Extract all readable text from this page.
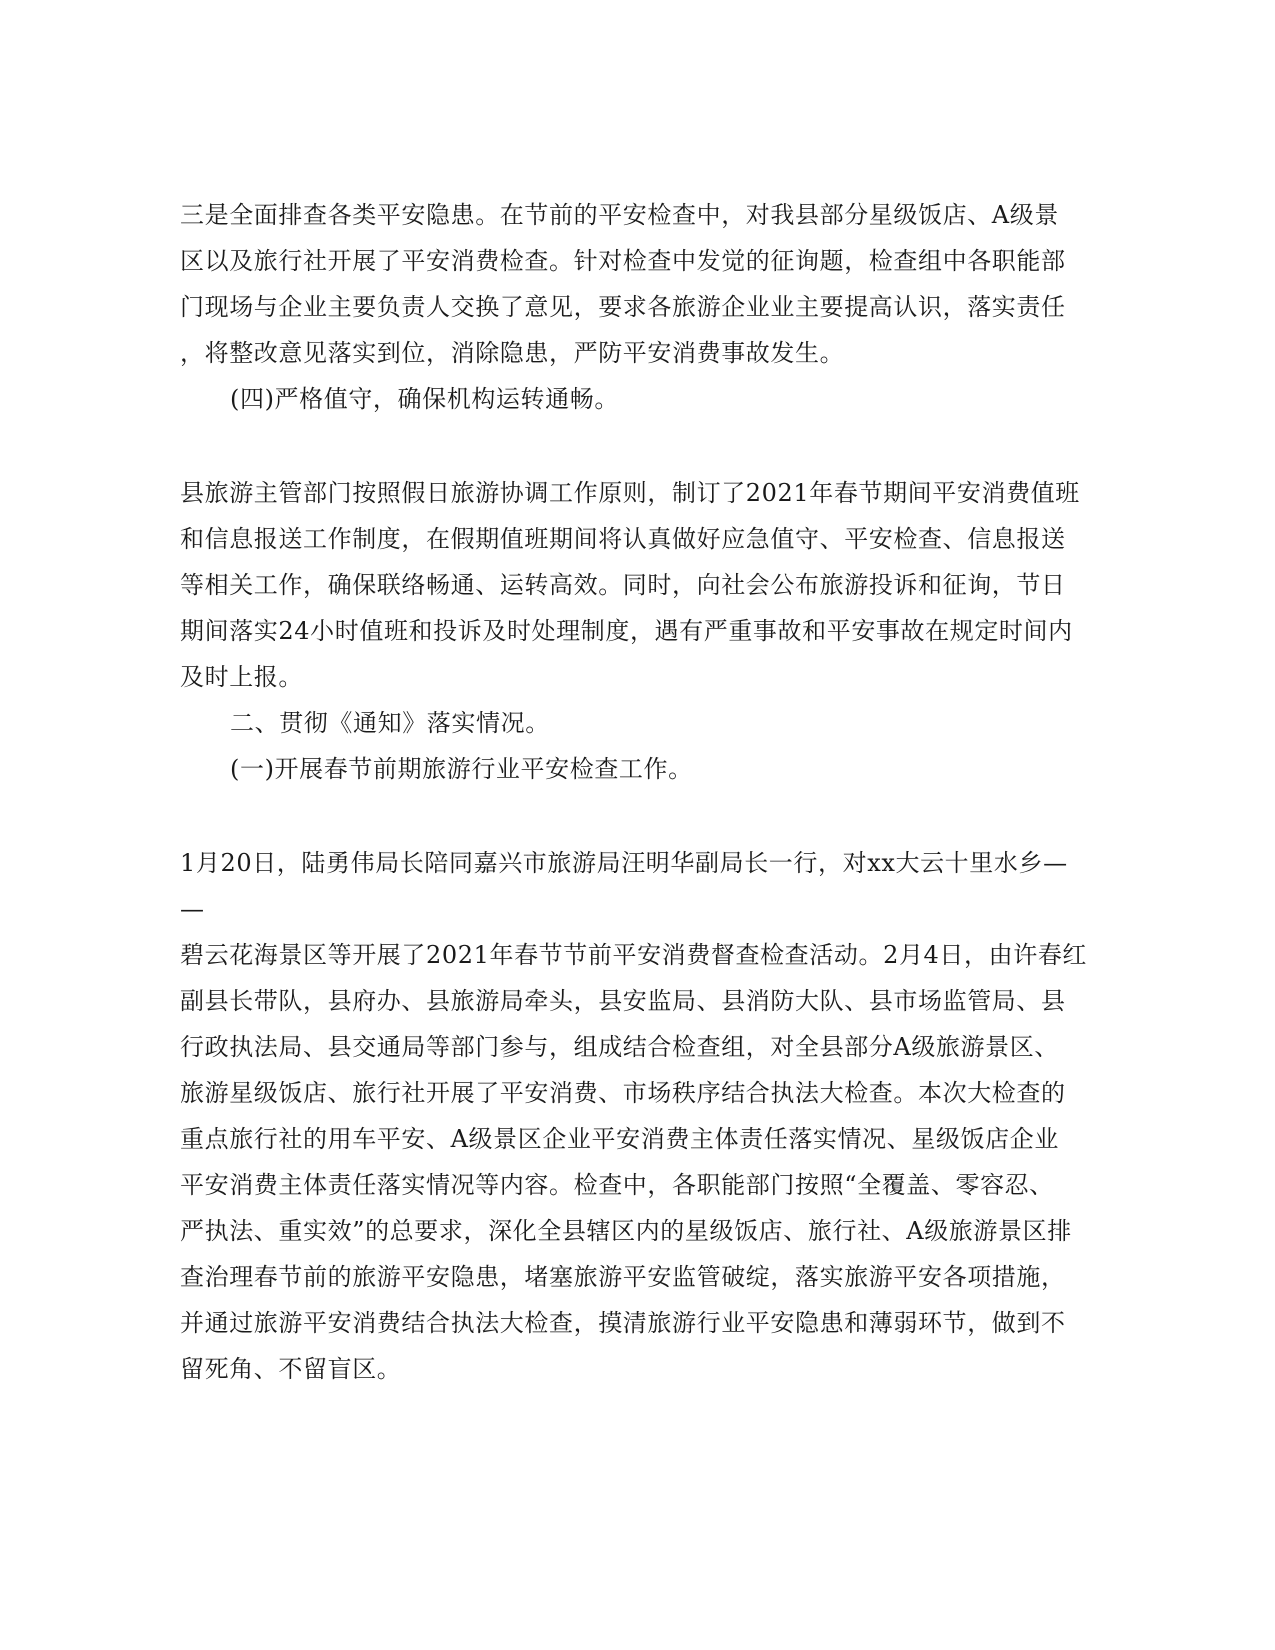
三是全面排查各类平安隐患。在节前的平安检查中，对我县部分星级饭店、A级景
区以及旅行社开展了平安消费检查。针对检查中发觉的征询题，检查组中各职能部
门现场与企业主要负责人交换了意见，要求各旅游企业业主要提高认识，落实责任
，将整改意见落实到位，消除隐患，严防平安消费事故发生。
(四)严格值守，确保机构运转通畅。
县旅游主管部门按照假日旅游协调工作原则，制订了2021年春节期间平安消费值班
和信息报送工作制度，在假期值班期间将认真做好应急值守、平安检查、信息报送
等相关工作，确保联络畅通、运转高效。同时，向社会公布旅游投诉和征询，节日
期间落实24小时值班和投诉及时处理制度，遇有严重事故和平安事故在规定时间内
及时上报。
二、贯彻《通知》落实情况。
(一)开展春节前期旅游行业平安检查工作。
1月20日，陆勇伟局长陪同嘉兴市旅游局汪明华副局长一行，对xx大云十里水乡—
—
碧云花海景区等开展了2021年春节节前平安消费督查检查活动。2月4日，由许春红
副县长带队，县府办、县旅游局牵头，县安监局、县消防大队、县市场监管局、县
行政执法局、县交通局等部门参与，组成结合检查组，对全县部分A级旅游景区、
旅游星级饭店、旅行社开展了平安消费、市场秩序结合执法大检查。本次大检查的
重点旅行社的用车平安、A级景区企业平安消费主体责任落实情况、星级饭店企业
平安消费主体责任落实情况等内容。检查中，各职能部门按照“全覆盖、零容忍、
严执法、重实效”的总要求，深化全县辖区内的星级饭店、旅行社、A级旅游景区排
查治理春节前的旅游平安隐患，堵塞旅游平安监管破绽，落实旅游平安各项措施，
并通过旅游平安消费结合执法大检查，摸清旅游行业平安隐患和薄弱环节，做到不
留死角、不留盲区。
